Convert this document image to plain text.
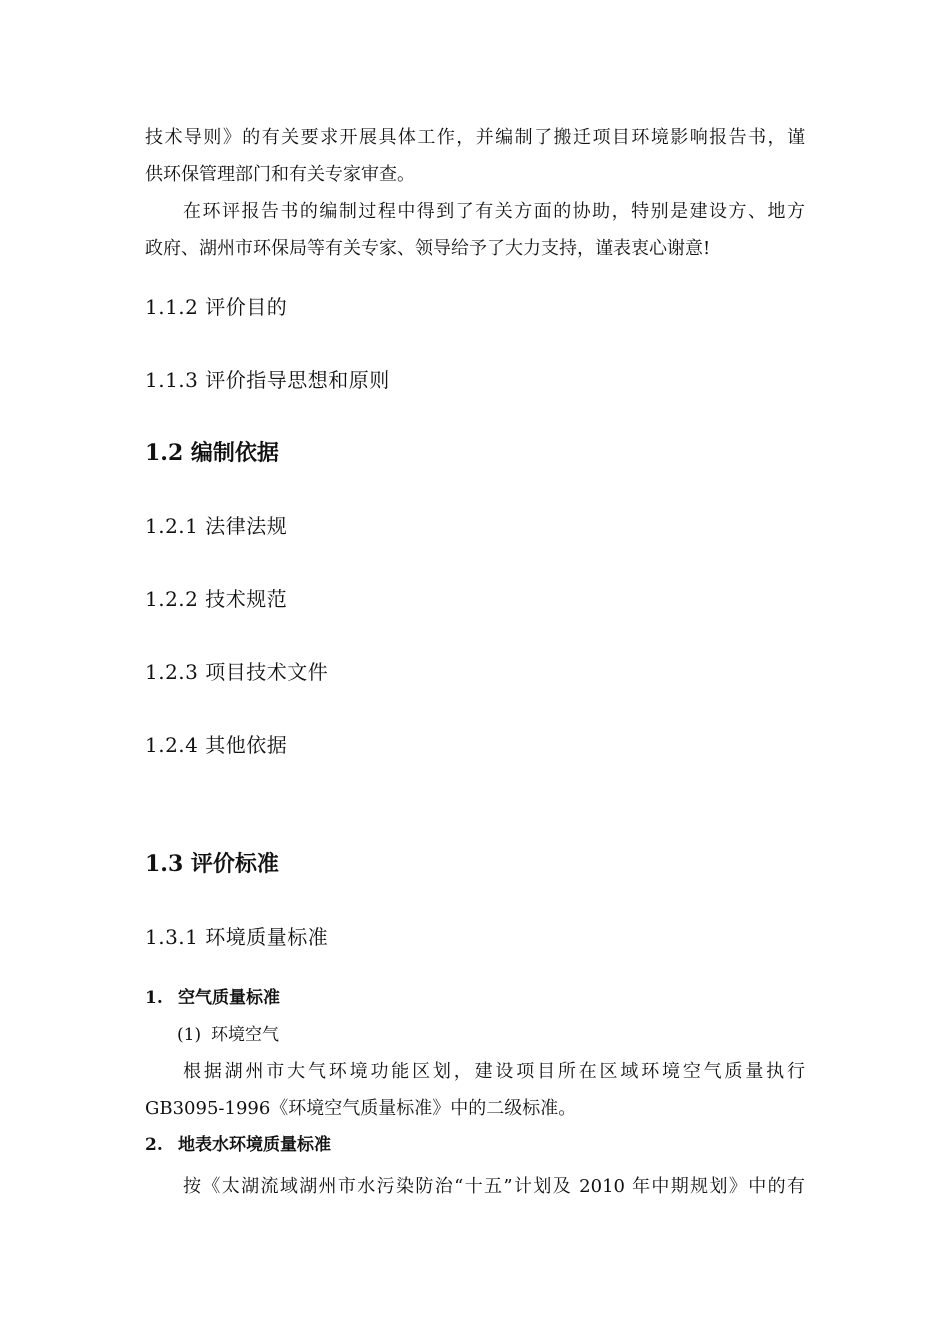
技术导则》的有关要求开展具体工作，并编制了搬迁项目环境影响报告书，谨
供环保管理部门和有关专家审查。
在环评报告书的编制过程中得到了有关方面的协助，特别是建设方、地方
政府、湖州市环保局等有关专家、领导给予了大力支持，谨表衷心谢意!
1.1.2 评价目的
1.1.3 评价指导思想和原则
1.2 编制依据
1.2.1 法律法规
1.2.2 技术规范
1.2.3 项目技术文件
1.2.4 其他依据
1.3 评价标准
1.3.1 环境质量标准
1. 空气质量标准
(1) 环境空气
根据湖州市大气环境功能区划，建设项目所在区域环境空气质量执行
GB3095-1996《环境空气质量标准》中的二级标准。
2. 地表水环境质量标准
按《太湖流域湖州市水污染防治“十五”计划及 2010 年中期规划》中的有
